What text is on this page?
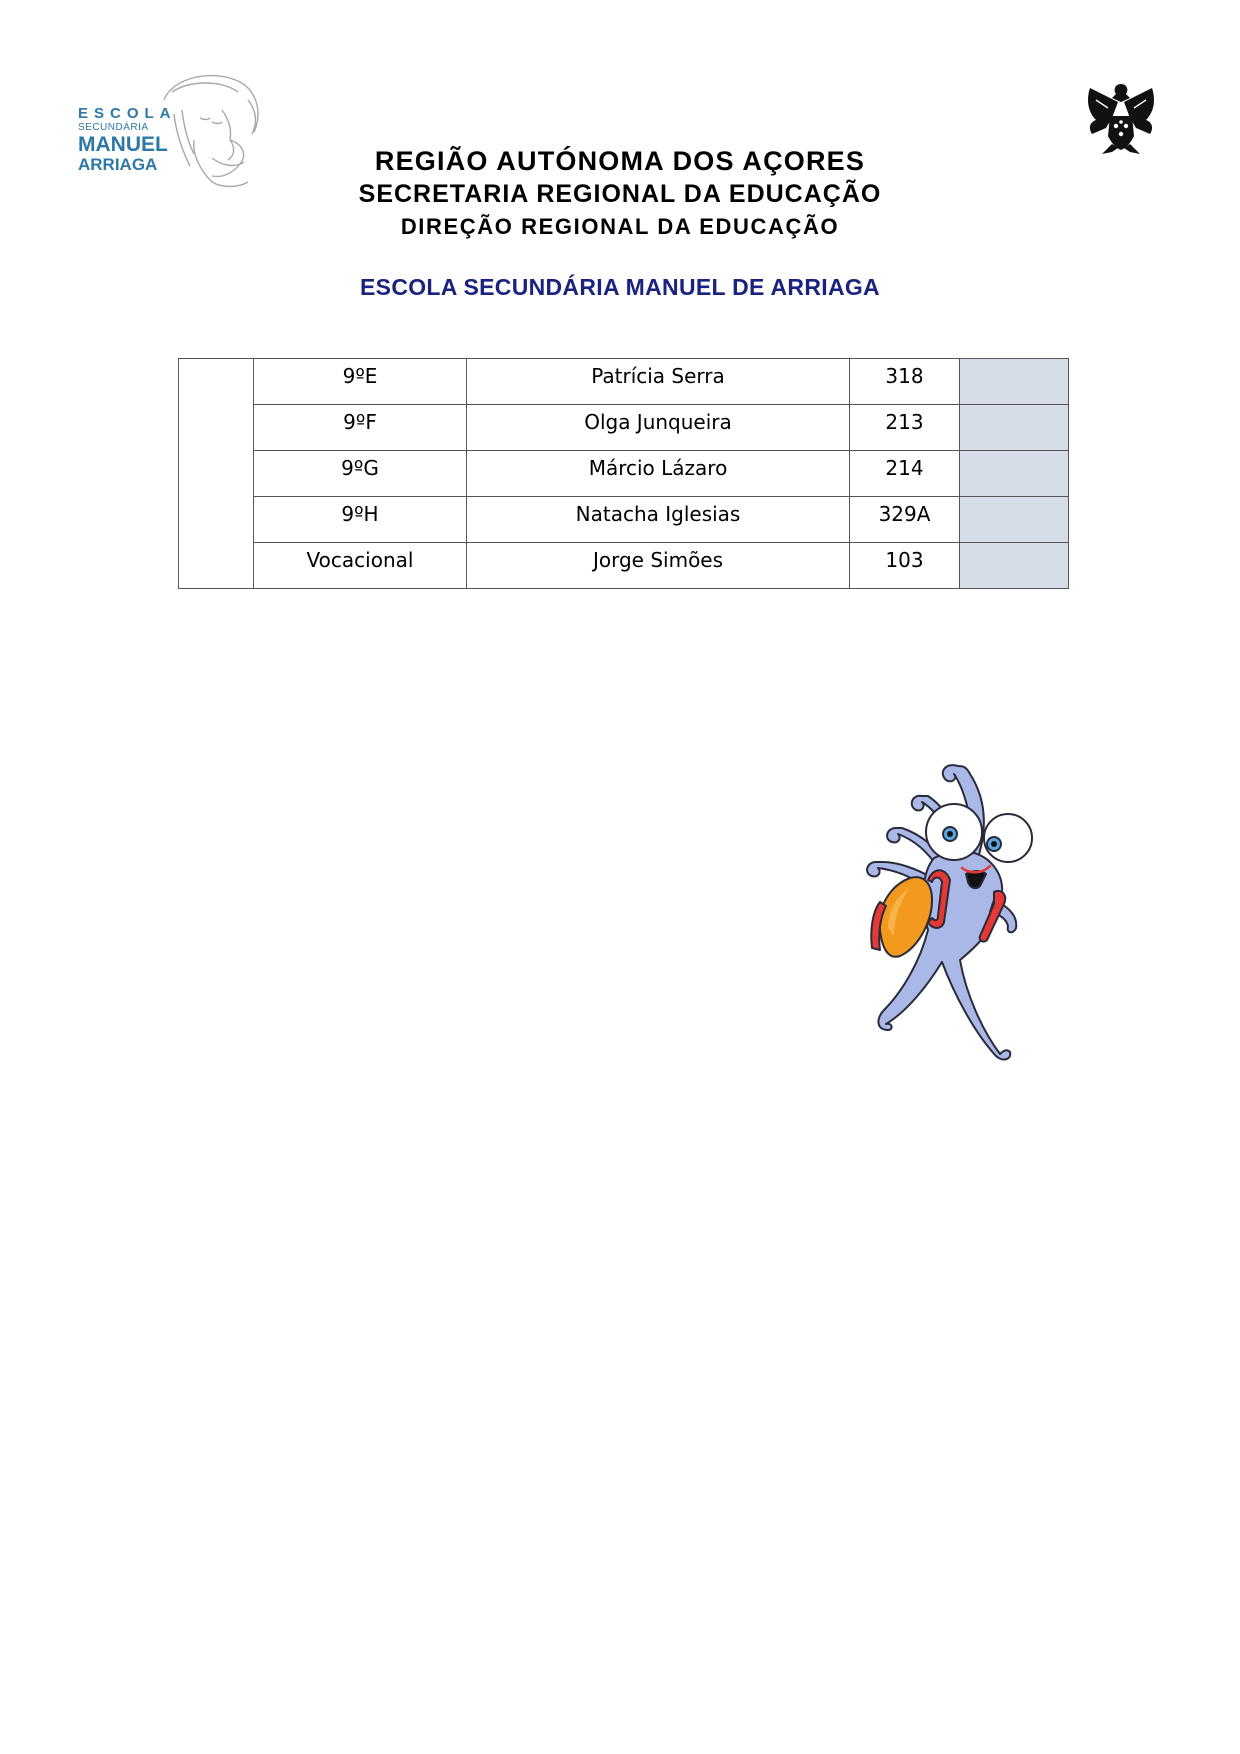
ESCOLA
SECUNDÁRIA
MANUEL
ARRIAGA	REGIÃO AUTÓNOMA DOS AÇORES
SECRETARIA REGIONAL DA EDUCAÇÃO
DIREÇÃO REGIONAL DA EDUCAÇÃO
ESCOLA SECUNDÁRIA MANUEL DE ARRIAGA
	9ºE	Patrícia Serra	318	
	9ºF	Olga Junqueira	213	
	9ºG	Márcio Lázaro	214	
	9ºH	Natacha Iglesias	329A	
	Vocacional	Jorge Simões	103	
